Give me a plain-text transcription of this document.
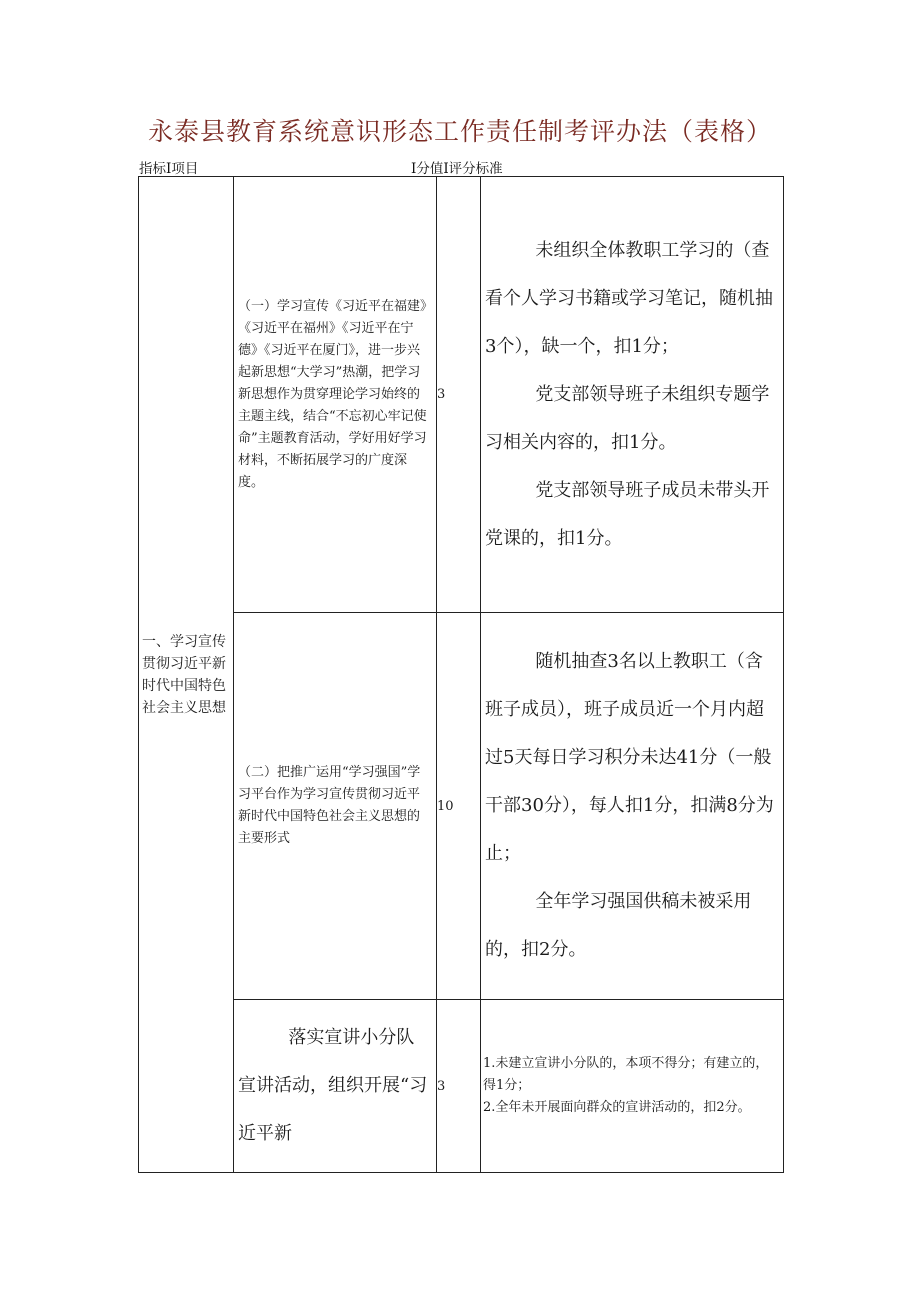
永泰县教育系统意识形态工作责任制考评办法（表格）
指标I项目	I分值I评分标准
一、学习宣传贯彻习近平新时代中国特色社会主义思想	（一）学习宣传《习近平在福建》《习近平在福州》《习近平在宁德》《习近平在厦门》，进一步兴起新思想“大学习”热潮，把学习新思想作为贯穿理论学习始终的主题主线，结合“不忘初心牢记使命”主题教育活动，学好用好学习材料，不断拓展学习的广度深度。	3	未组织全体教职工学习的（查看个人学习书籍或学习笔记，随机抽3个），缺一个，扣1分；

党支部领导班子未组织专题学习相关内容的，扣1分。

党支部领导班子成员未带头开党课的，扣1分。

	（二）把推广运用“学习强国”学习平台作为学习宣传贯彻习近平新时代中国特色社会主义思想的主要形式	10	随机抽查3名以上教职工（含班子成员），班子成员近一个月内超过5天每日学习积分未达41分（一般干部30分），每人扣1分，扣满8分为止；

全年学习强国供稿未被采用的，扣2分。

	落实宣讲小分队宣讲活动，组织开展“习近平新	3	1.未建立宣讲小分队的，本项不得分；有建立的，得1分；

2.全年未开展面向群众的宣讲活动的，扣2分。
